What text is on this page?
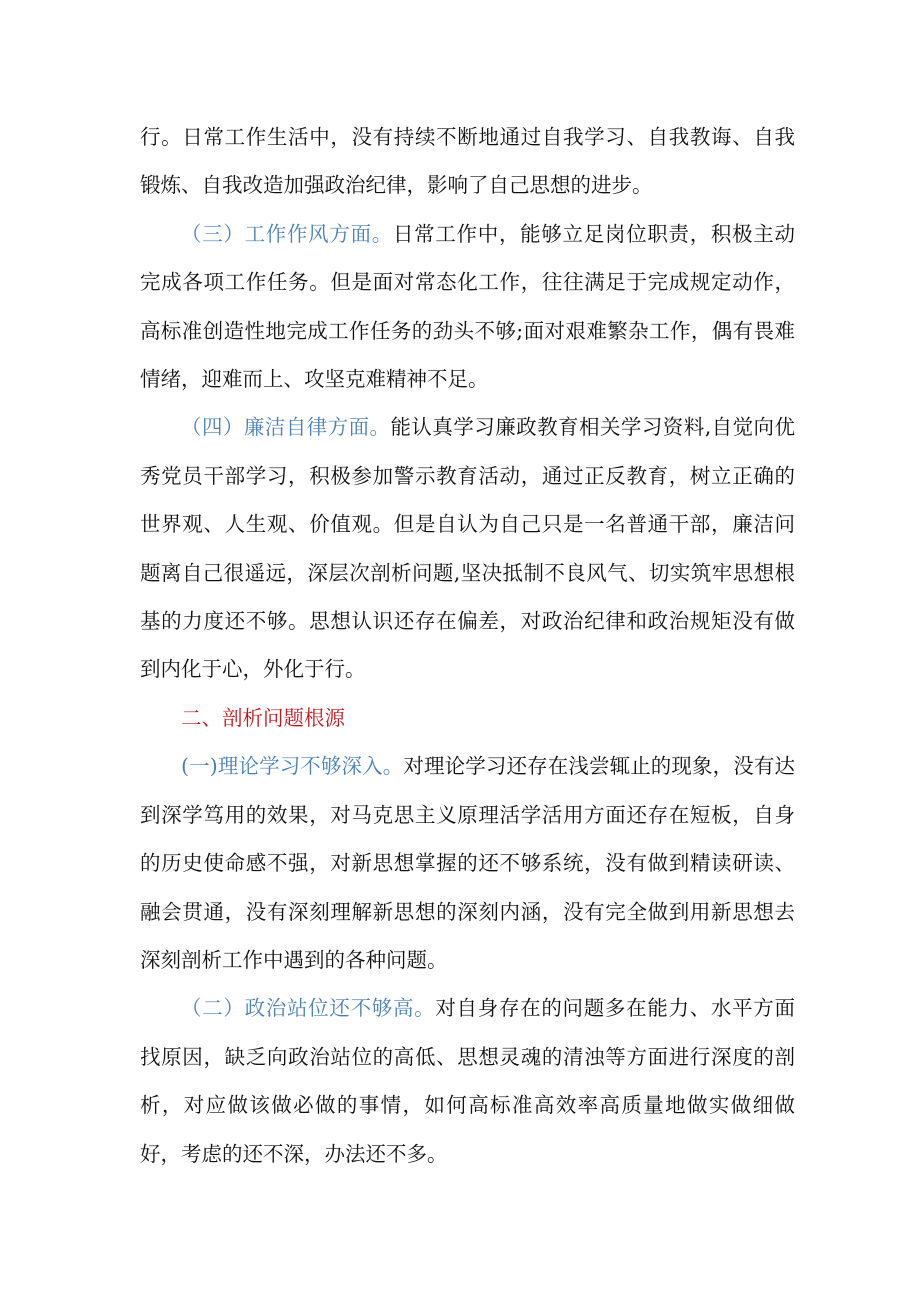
行。日常工作生活中，没有持续不断地通过自我学习、自我教诲、自我锻炼、自我改造加强政治纪律，影响了自己思想的进步。

（三）工作作风方面。日常工作中，能够立足岗位职责，积极主动完成各项工作任务。但是面对常态化工作，往往满足于完成规定动作，高标准创造性地完成工作任务的劲头不够;面对艰难繁杂工作，偶有畏难情绪，迎难而上、攻坚克难精神不足。

（四）廉洁自律方面。能认真学习廉政教育相关学习资料,自觉向优秀党员干部学习，积极参加警示教育活动，通过正反教育，树立正确的世界观、人生观、价值观。但是自认为自己只是一名普通干部，廉洁问题离自己很遥远，深层次剖析问题,坚决抵制不良风气、切实筑牢思想根基的力度还不够。思想认识还存在偏差，对政治纪律和政治规矩没有做到内化于心，外化于行。

二、剖析问题根源

(一)理论学习不够深入。对理论学习还存在浅尝辄止的现象，没有达到深学笃用的效果，对马克思主义原理活学活用方面还存在短板，自身的历史使命感不强，对新思想掌握的还不够系统，没有做到精读研读、融会贯通，没有深刻理解新思想的深刻内涵，没有完全做到用新思想去深刻剖析工作中遇到的各种问题。

（二）政治站位还不够高。对自身存在的问题多在能力、水平方面找原因，缺乏向政治站位的高低、思想灵魂的清浊等方面进行深度的剖析，对应做该做必做的事情，如何高标准高效率高质量地做实做细做好，考虑的还不深，办法还不多。
